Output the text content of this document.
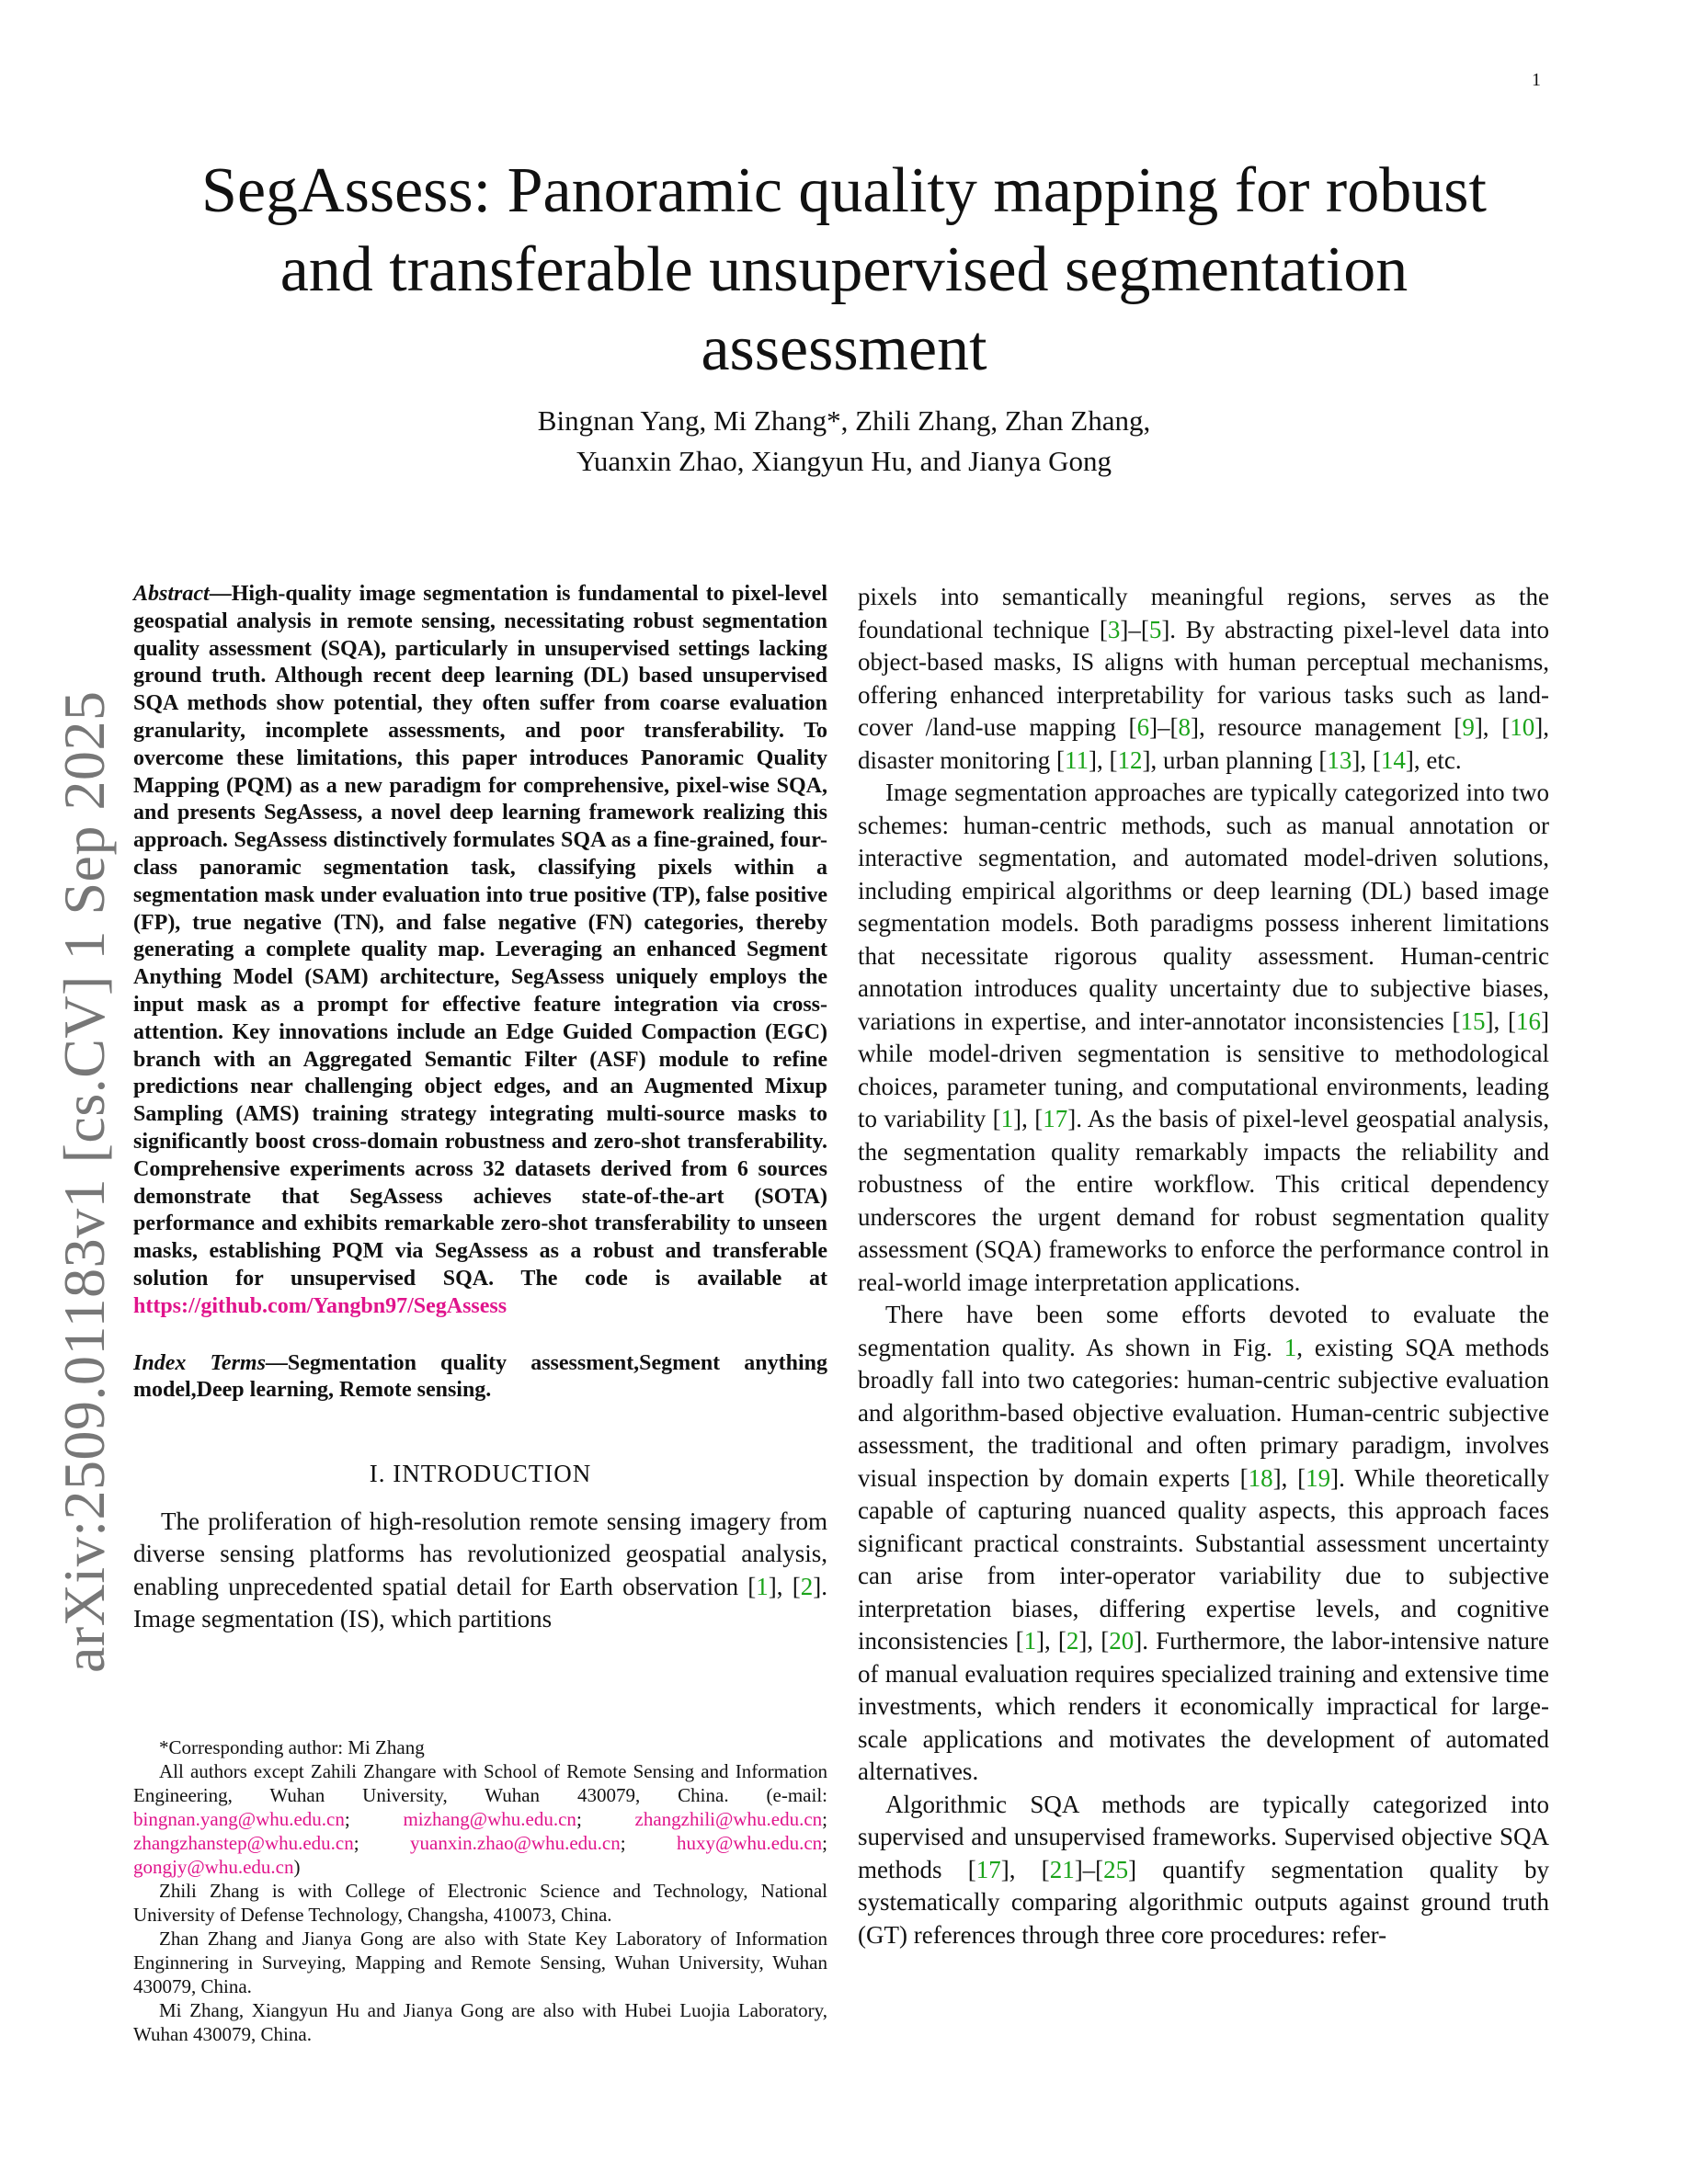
1
arXiv:2509.01183v1 [cs.CV] 1 Sep 2025
SegAssess: Panoramic quality mapping for robust
and transferable unsupervised segmentation
assessment
Bingnan Yang, Mi Zhang*, Zhili Zhang, Zhan Zhang,
Yuanxin Zhao, Xiangyun Hu, and Jianya Gong
Abstract—High-quality image segmentation is fundamental to pixel-level geospatial analysis in remote sensing, necessitating robust segmentation quality assessment (SQA), particularly in unsupervised settings lacking ground truth. Although recent deep learning (DL) based unsupervised SQA methods show potential, they often suffer from coarse evaluation granularity, incomplete assessments, and poor transferability. To overcome these limitations, this paper introduces Panoramic Quality Mapping (PQM) as a new paradigm for comprehensive, pixel-wise SQA, and presents SegAssess, a novel deep learning framework realizing this approach. SegAssess distinctively formulates SQA as a fine-grained, four-class panoramic segmentation task, classifying pixels within a segmentation mask under evaluation into true positive (TP), false positive (FP), true negative (TN), and false negative (FN) categories, thereby generating a complete quality map. Leveraging an enhanced Segment Anything Model (SAM) architecture, SegAssess uniquely employs the input mask as a prompt for effective feature integration via cross-attention. Key innovations include an Edge Guided Compaction (EGC) branch with an Aggregated Semantic Filter (ASF) module to refine predictions near challenging object edges, and an Augmented Mixup Sampling (AMS) training strategy integrating multi-source masks to significantly boost cross-domain robustness and zero-shot transferability. Comprehensive experiments across 32 datasets derived from 6 sources demonstrate that SegAssess achieves state-of-the-art (SOTA) performance and exhibits remarkable zero-shot transferability to unseen masks, establishing PQM via SegAssess as a robust and transferable solution for unsupervised SQA. The code is available at https://github.com/Yangbn97/SegAssess
Index Terms—Segmentation quality assessment,Segment anything model,Deep learning, Remote sensing.
I. INTRODUCTION

The proliferation of high-resolution remote sensing imagery from diverse sensing platforms has revolutionized geospatial analysis, enabling unprecedented spatial detail for Earth observation [1], [2]. Image segmentation (IS), which partitions

*Corresponding author: Mi Zhang

All authors except Zahili Zhangare with School of Remote Sensing and Information Engineering, Wuhan University, Wuhan 430079, China. (e-mail: bingnan.yang@whu.edu.cn; mizhang@whu.edu.cn; zhangzhili@whu.edu.cn; zhangzhanstep@whu.edu.cn; yuanxin.zhao@whu.edu.cn; huxy@whu.edu.cn; gongjy@whu.edu.cn)

Zhili Zhang is with College of Electronic Science and Technology, National University of Defense Technology, Changsha, 410073, China.

Zhan Zhang and Jianya Gong are also with State Key Laboratory of Information Enginnering in Surveying, Mapping and Remote Sensing, Wuhan University, Wuhan 430079, China.

Mi Zhang, Xiangyun Hu and Jianya Gong are also with Hubei Luojia Laboratory, Wuhan 430079, China.

pixels into semantically meaningful regions, serves as the foundational technique [3]–[5]. By abstracting pixel-level data into object-based masks, IS aligns with human perceptual mechanisms, offering enhanced interpretability for various tasks such as land-cover /land-use mapping [6]–[8], resource management [9], [10], disaster monitoring [11], [12], urban planning [13], [14], etc.

Image segmentation approaches are typically categorized into two schemes: human-centric methods, such as manual annotation or interactive segmentation, and automated model-driven solutions, including empirical algorithms or deep learning (DL) based image segmentation models. Both paradigms possess inherent limitations that necessitate rigorous quality assessment. Human-centric annotation introduces quality uncertainty due to subjective biases, variations in expertise, and inter-annotator inconsistencies [15], [16] while model-driven segmentation is sensitive to methodological choices, parameter tuning, and computational environments, leading to variability [1], [17]. As the basis of pixel-level geospatial analysis, the segmentation quality remarkably impacts the reliability and robustness of the entire workflow. This critical dependency underscores the urgent demand for robust segmentation quality assessment (SQA) frameworks to enforce the performance control in real-world image interpretation applications.

There have been some efforts devoted to evaluate the segmentation quality. As shown in Fig. 1, existing SQA methods broadly fall into two categories: human-centric subjective evaluation and algorithm-based objective evaluation. Human-centric subjective assessment, the traditional and often primary paradigm, involves visual inspection by domain experts [18], [19]. While theoretically capable of capturing nuanced quality aspects, this approach faces significant practical constraints. Substantial assessment uncertainty can arise from inter-operator variability due to subjective interpretation biases, differing expertise levels, and cognitive inconsistencies [1], [2], [20]. Furthermore, the labor-intensive nature of manual evaluation requires specialized training and extensive time investments, which renders it economically impractical for large-scale applications and motivates the development of automated alternatives.

Algorithmic SQA methods are typically categorized into supervised and unsupervised frameworks. Supervised objective SQA methods [17], [21]–[25] quantify segmentation quality by systematically comparing algorithmic outputs against ground truth (GT) references through three core procedures: refer-
